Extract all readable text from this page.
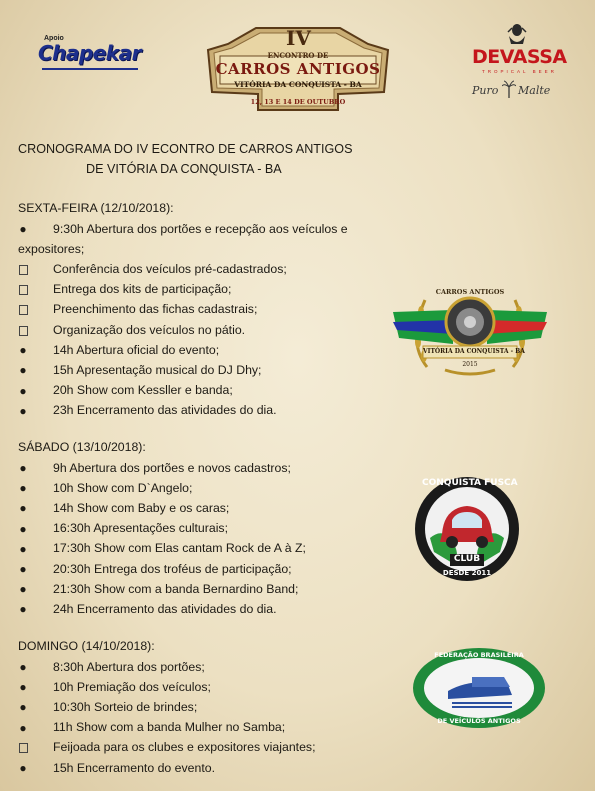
Apoio
Chapekar
IV
ENCONTRO DE
CARROS ANTIGOS
VITÓRIA DA CONQUISTA - BA
12, 13 E 14 DE OUTUBRO
DEVASSA
TROPICAL BEER
Puro Malte
CRONOGRAMA DO IV ECONTRO DE CARROS ANTIGOS
DE VITÓRIA DA CONQUISTA - BA
SEXTA-FEIRA (12/10/2018):
● 9:30h Abertura dos portões e recepção aos veículos e
expositores;
Conferência dos veículos pré-cadastrados;
Entrega dos kits de participação;
Preenchimento das fichas cadastrais;
Organização dos veículos no pátio.
● 14h Abertura oficial do evento;
● 15h Apresentação musical do DJ Dhy;
● 20h Show com Kessller e banda;
● 23h Encerramento das atividades do dia.
SÁBADO (13/10/2018):
● 9h Abertura dos portões e novos cadastros;
● 10h Show com D`Angelo;
● 14h Show com Baby e os caras;
● 16:30h Apresentações culturais;
● 17:30h Show com Elas cantam Rock de A à Z;
● 20:30h Entrega dos troféus de participação;
● 21:30h Show com a banda Bernardino Band;
● 24h Encerramento das atividades do dia.
DOMINGO (14/10/2018):
● 8:30h Abertura dos portões;
● 10h Premiação dos veículos;
● 10:30h Sorteio de brindes;
● 11h Show com a banda Mulher no Samba;
Feijoada para os clubes e expositores viajantes;
● 15h Encerramento do evento.
CARROS ANTIGOS
VITÓRIA DA CONQUISTA - BA
2015
CONQUISTA FUSCA
CLUB
DESDE 2011
FEDERAÇÃO BRASILEIRA
DE VEÍCULOS ANTIGOS
